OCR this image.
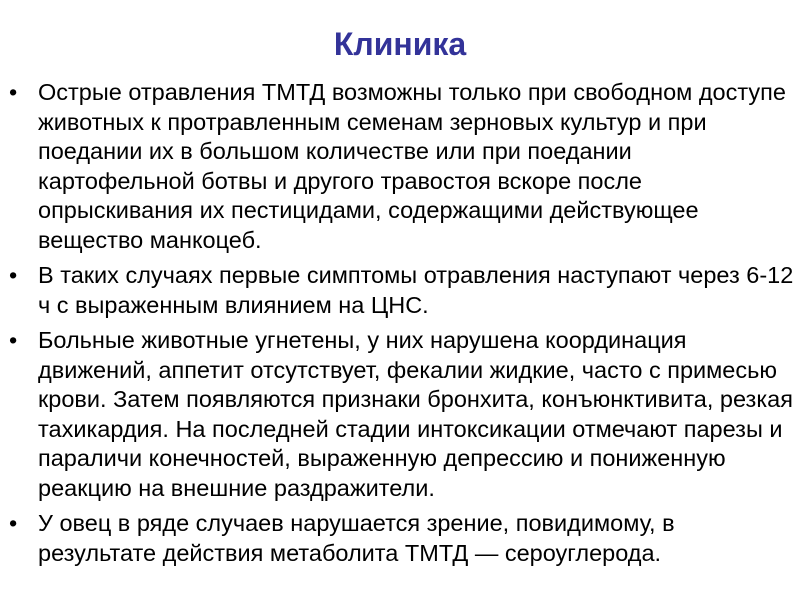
Клиника
• Острые отравления ТМТД возможны только при свободном доступе животных к протравленным семенам зерновых культур и при поедании их в большом количестве или при поедании картофельной ботвы и другого травостоя вскоре после опрыскивания их пестицидами, содержащими действующее вещество манкоцеб.
• В таких случаях первые симптомы отравления наступают через 6-12 ч с выраженным влиянием на ЦНС.
• Больные животные угнетены, у них нарушена координация движений, аппетит отсутствует, фекалии жидкие, часто с примесью крови. Затем появляются признаки бронхита, конъюнктивита, резкая тахикардия. На последней стадии интоксикации отмечают парезы и параличи конечностей, выраженную депрессию и пониженную реакцию на внешние раздражители.
• У овец в ряде случаев нарушается зрение, повидимому, в результате действия метаболита ТМТД — сероуглерода.
